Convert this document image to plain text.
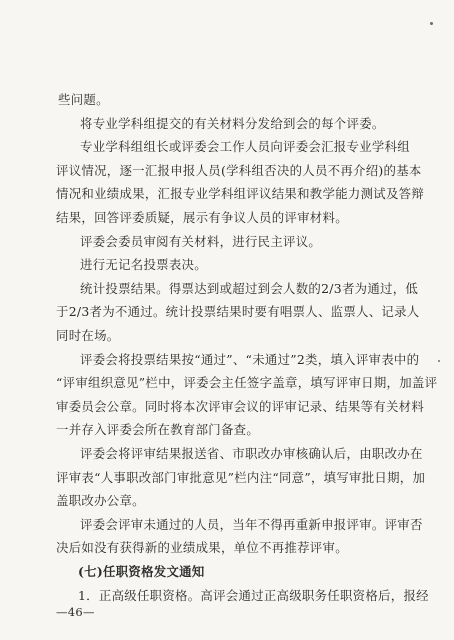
些问题。
将专业学科组提交的有关材料分发给到会的每个评委。
专业学科组组长或评委会工作人员向评委会汇报专业学科组
评议情况，逐一汇报申报人员(学科组否决的人员不再介绍)的基本
情况和业绩成果，汇报专业学科组评议结果和教学能力测试及答辩
结果，回答评委质疑，展示有争议人员的评审材料。
评委会委员审阅有关材料，进行民主评议。
进行无记名投票表决。
统计投票结果。得票达到或超过到会人数的2/3者为通过，低
于2/3者为不通过。统计投票结果时要有唱票人、监票人、记录人
同时在场。
评委会将投票结果按“通过”、“未通过”2类，填入评审表中的
“评审组织意见”栏中，评委会主任签字盖章，填写评审日期，加盖评
审委员会公章。同时将本次评审会议的评审记录、结果等有关材料
一并存入评委会所在教育部门备查。
评委会将评审结果报送省、市职改办审核确认后，由职改办在
评审表“人事职改部门审批意见”栏内注“同意”，填写审批日期，加
盖职改办公章。
评委会评审未通过的人员，当年不得再重新申报评审。评审否
决后如没有获得新的业绩成果，单位不再推荐评审。
(七)任职资格发文通知
1．正高级任职资格。高评会通过正高级职务任职资格后，报经
—46—
